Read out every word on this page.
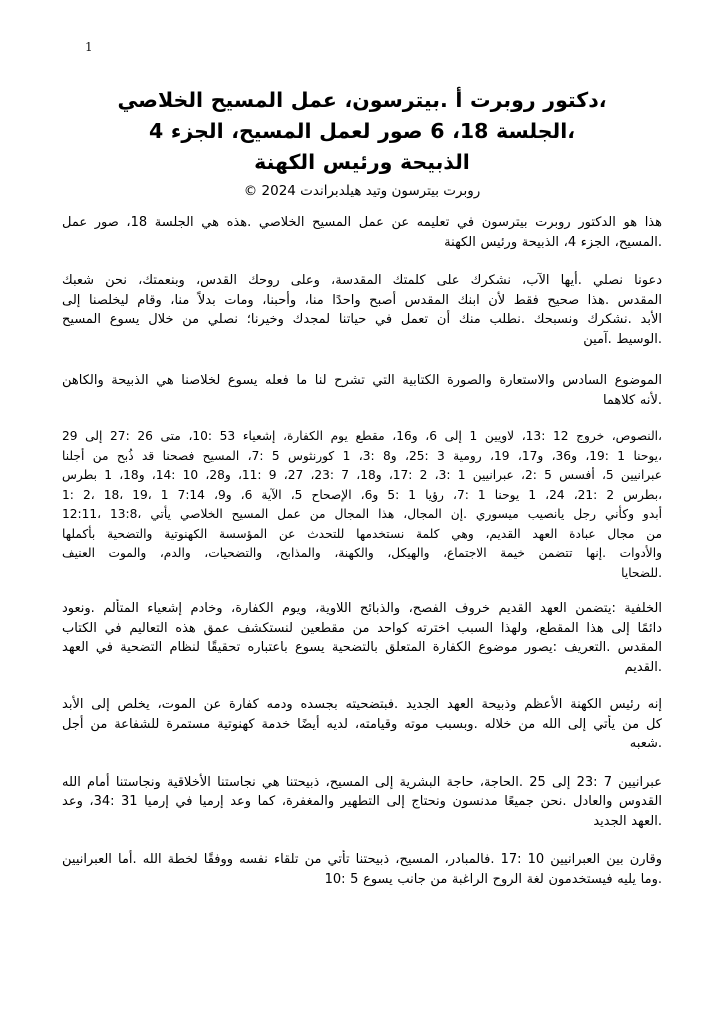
1
،دكتور روبرت أ .بيترسون، عمل المسيح الخلاصي
،الجلسة 18، 6 صور لعمل المسيح، الجزء 4
الذبيحة ورئيس الكهنة
روبرت بيترسون وتيد هيلدبراندت 2024 ©
هذا هو الدكتور روبرت بيترسون في تعليمه عن عمل المسيح الخلاصي .هذه هي الجلسة 18، صور عمل
.المسيح، الجزء 4، الذبيحة ورئيس الكهنة
دعونا نصلي .أيها الآب، نشكرك على كلمتك المقدسة، وعلى روحك القدس، وبنعمتك، نحن شعبك
المقدس .هذا صحيح فقط لأن ابنك المقدس أصبح واحدًا منا، وأحبنا، ومات بدلاً منا، وقام ليخلصنا إلى
الأبد .نشكرك ونسبحك .نطلب منك أن تعمل في حياتنا لمجدك وخيرنا؛ نصلي من خلال يسوع المسيح
.الوسيط .آمين
الموضوع السادس والاستعارة والصورة الكتابية التي تشرح لنا ما فعله يسوع لخلاصنا هي الذبيحة والكاهن
.لأنه كلاهما
،النصوص، خروج 12 :13، لاويين 1 إلى 6، و16، مقطع يوم الكفارة، إشعياء 53 :10، متى 26 :27 إلى 29
،يوحنا 1 :19، و36، و17، 19، رومية 3 :25، و8 :3، 1 كورنثوس 5 :7، المسيح فصحنا قد ذُبح من أجلنا
عبرانيين 5، أفسس 5 :2، عبرانيين 1 :3، 2 :17، و18، 7 :23، 27، 9 :11، و28، 10 :14، و18، 1 بطرس
،بطرس 2 :21، 24، 1 يوحنا 1 :7، رؤيا 1 :5 و6، الإصحاح 5، الآية 6، و9، 7:14 1 ،19 ،18 ،2 :1
أبدو وكأني رجل يانصيب ميسوري .إن المجال، هذا المجال من عمل المسيح الخلاصي يأتي ،13:8 ،12:11
من مجال عبادة العهد القديم، وهي كلمة نستخدمها للتحدث عن المؤسسة الكهنوتية والتضحية بأكملها
والأدوات .إنها تتضمن خيمة الاجتماع، والهيكل، والكهنة، والمذابح، والتضحيات، والدم، والموت العنيف
.للضحايا
الخلفية :يتضمن العهد القديم خروف الفصح، والذبائح اللاوية، ويوم الكفارة، وخادم إشعياء المتألم .ونعود
دائمًا إلى هذا المقطع، ولهذا السبب اخترته كواحد من مقطعين لنستكشف عمق هذه التعاليم في الكتاب
المقدس .التعريف :يصور موضوع الكفارة المتعلق بالتضحية يسوع باعتباره تحقيقًا لنظام التضحية في العهد
.القديم
إنه رئيس الكهنة الأعظم وذبيحة العهد الجديد .فبتضحيته بجسده ودمه كفارة عن الموت، يخلص إلى الأبد
كل من يأتي إلى الله من خلاله .وبسبب موته وقيامته، لديه أيضًا خدمة كهنوتية مستمرة للشفاعة من أجل
.شعبه
عبرانيين 7 :23 إلى 25 .الحاجة، حاجة البشرية إلى المسيح، ذبيحتنا هي نجاستنا الأخلاقية ونجاستنا أمام الله
القدوس والعادل .نحن جميعًا مدنسون ونحتاج إلى التطهير والمغفرة، كما وعد إرميا في إرميا 31 :34، وعد
.العهد الجديد
وقارن بين العبرانيين 10 :17 .فالمبادر، المسيح، ذبيحتنا تأتي من تلقاء نفسه ووفقًا لخطة الله .أما العبرانيين
.وما يليه فيستخدمون لغة الروح الراغبة من جانب يسوع 5 :10
